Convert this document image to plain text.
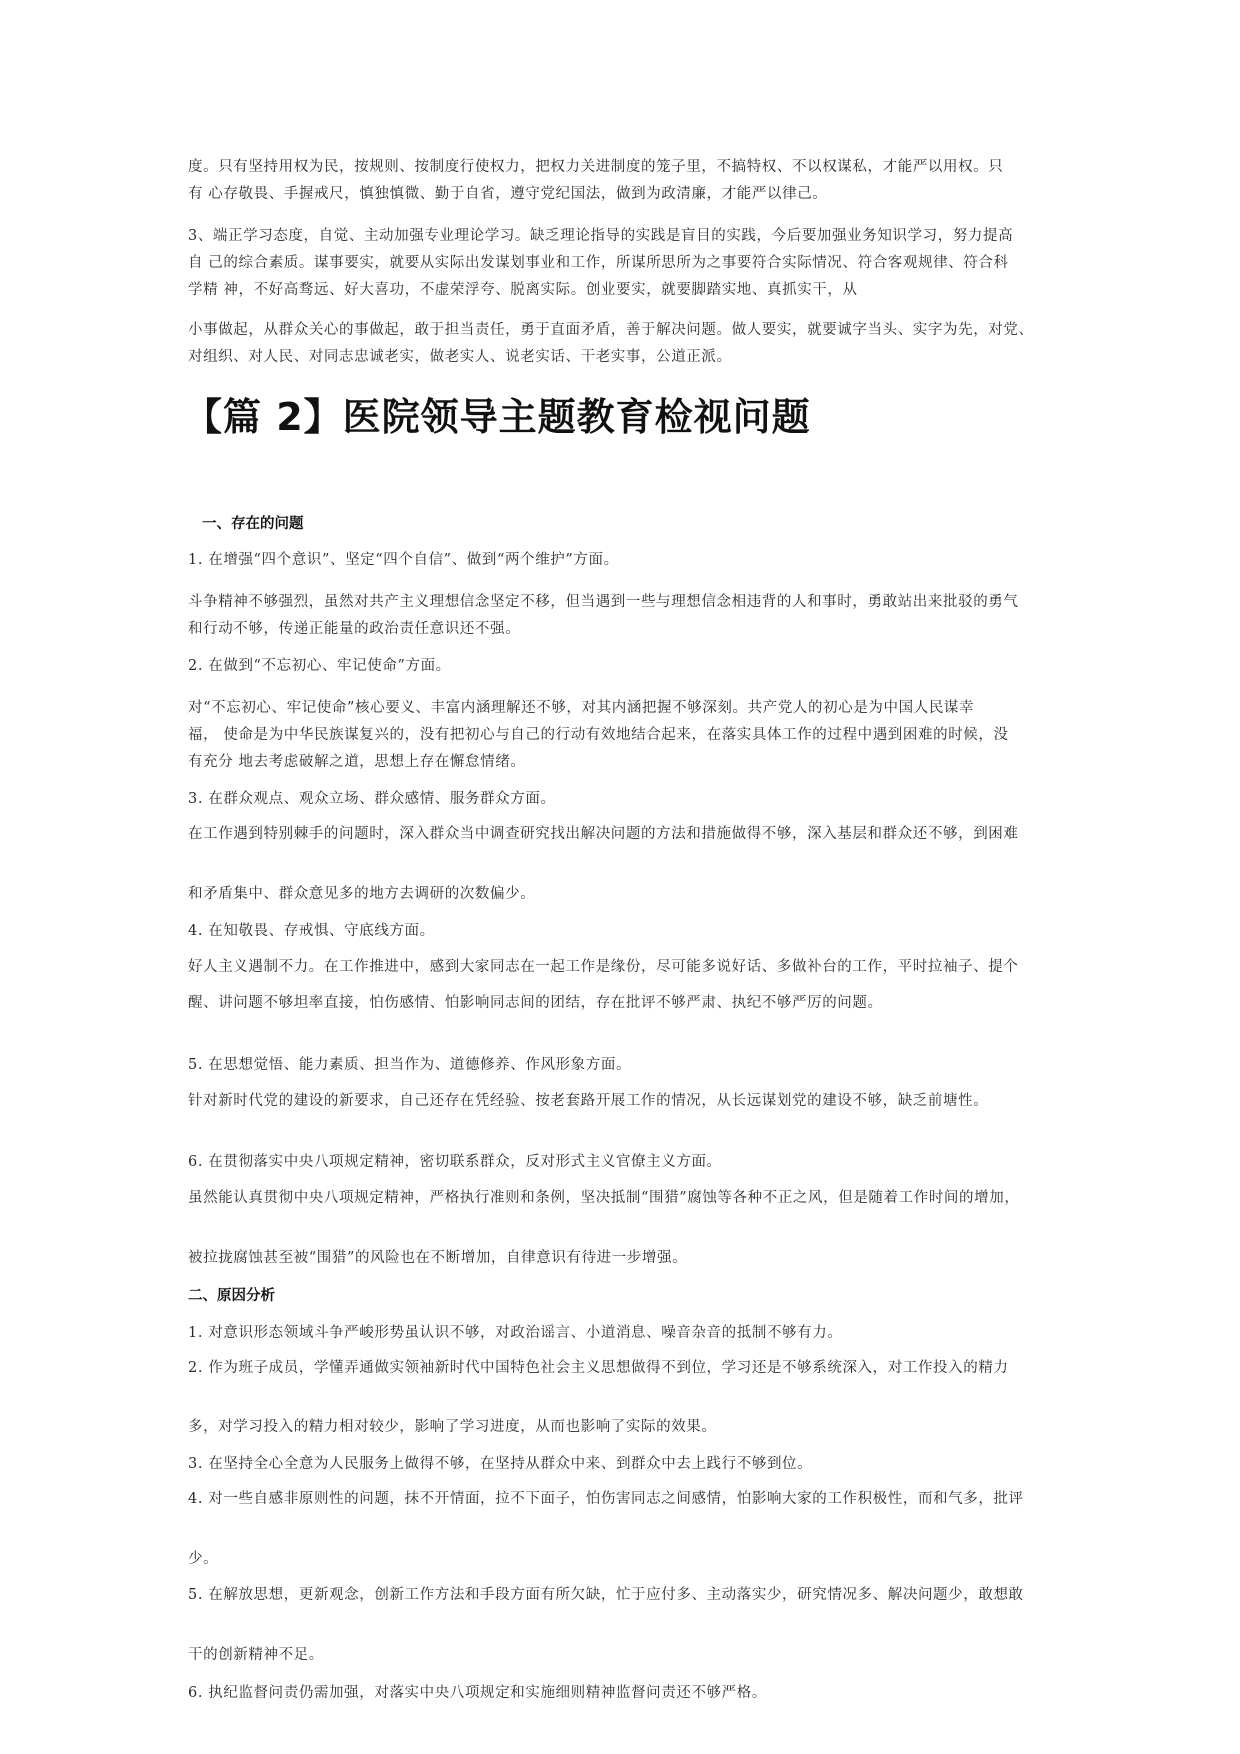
度。只有坚持用权为民，按规则、按制度行使权力，把权力关进制度的笼子里，不搞特权、不以权谋私，才能严以用权。只
有 心存敬畏、手握戒尺，慎独慎微、勤于自省，遵守党纪国法，做到为政清廉，才能严以律己。

3、端正学习态度，自觉、主动加强专业理论学习。缺乏理论指导的实践是盲目的实践，今后要加强业务知识学习，努力提高
自 己的综合素质。谋事要实，就要从实际出发谋划事业和工作，所谋所思所为之事要符合实际情况、符合客观规律、符合科
学精 神，不好高骛远、好大喜功，不虚荣浮夸、脱离实际。创业要实，就要脚踏实地、真抓实干，从

小事做起，从群众关心的事做起，敢于担当责任，勇于直面矛盾，善于解决问题。做人要实，就要诚字当头、实字为先，对党、
对组织、对人民、对同志忠诚老实，做老实人、说老实话、干老实事，公道正派。

【篇 2】医院领导主题教育检视问题
一、存在的问题

1. 在增强“四个意识”、坚定“四个自信”、做到“两个维护”方面。

斗争精神不够强烈，虽然对共产主义理想信念坚定不移，但当遇到一些与理想信念相违背的人和事时，勇敢站出来批驳的勇气
和行动不够，传递正能量的政治责任意识还不强。

2. 在做到“不忘初心、牢记使命”方面。

对“不忘初心、牢记使命”核心要义、丰富内涵理解还不够，对其内涵把握不够深刻。共产党人的初心是为中国人民谋幸
福， 使命是为中华民族谋复兴的，没有把初心与自己的行动有效地结合起来，在落实具体工作的过程中遇到困难的时候，没
有充分 地去考虑破解之道，思想上存在懈怠情绪。

3. 在群众观点、观众立场、群众感情、服务群众方面。

在工作遇到特别棘手的问题时，深入群众当中调查研究找出解决问题的方法和措施做得不够，深入基层和群众还不够，到困难

和矛盾集中、群众意见多的地方去调研的次数偏少。

4. 在知敬畏、存戒惧、守底线方面。

好人主义遇制不力。在工作推进中，感到大家同志在一起工作是缘份，尽可能多说好话、多做补台的工作，平时拉袖子、提个

醒、讲问题不够坦率直接，怕伤感情、怕影响同志间的团结，存在批评不够严肃、执纪不够严厉的问题。

5. 在思想觉悟、能力素质、担当作为、道德修养、作风形象方面。

针对新时代党的建设的新要求，自己还存在凭经验、按老套路开展工作的情况，从长远谋划党的建设不够，缺乏前塘性。

6. 在贯彻落实中央八项规定精神，密切联系群众，反对形式主义官僚主义方面。

虽然能认真贯彻中央八项规定精神，严格执行准则和条例，坚决抵制“围猎”腐蚀等各种不正之风，但是随着工作时间的增加，

被拉拢腐蚀甚至被“围猎”的风险也在不断增加，自律意识有待进一步增强。

二、原因分析

1. 对意识形态领域斗争严峻形势虽认识不够，对政治谣言、小道消息、噪音杂音的抵制不够有力。

2. 作为班子成员，学懂弄通做实领袖新时代中国特色社会主义思想做得不到位，学习还是不够系统深入，对工作投入的精力

多，对学习投入的精力相对较少，影响了学习进度，从而也影响了实际的效果。

3. 在坚持全心全意为人民服务上做得不够，在坚持从群众中来、到群众中去上践行不够到位。

4. 对一些自感非原则性的问题，抹不开情面，拉不下面子，怕伤害同志之间感情，怕影响大家的工作积极性，而和气多，批评

少。

5. 在解放思想，更新观念，创新工作方法和手段方面有所欠缺，忙于应付多、主动落实少，研究情况多、解决问题少，敢想敢

干的创新精神不足。

6. 执纪监督问责仍需加强，对落实中央八项规定和实施细则精神监督问责还不够严格。
